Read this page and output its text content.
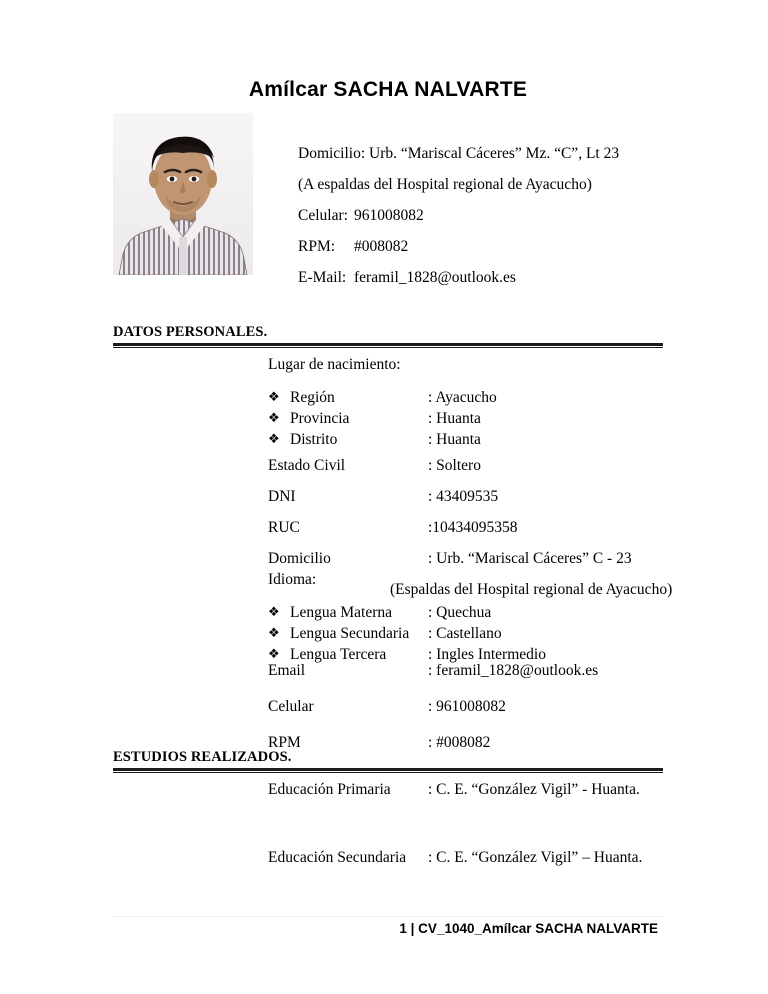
Amílcar SACHA NALVARTE
Domicilio: Urb. “Mariscal Cáceres” Mz. “C”, Lt 23
(A espaldas del Hospital regional de Ayacucho)
Celular: 961008082
RPM: #008082
E-Mail: feramil_1828@outlook.es
DATOS PERSONALES.
Lugar de nacimiento:
❖ Región	: Ayacucho
❖ Provincia	: Huanta
❖ Distrito	: Huanta
Estado Civil	: Soltero
DNI	: 43409535
RUC	:10434095358
Domicilio	: Urb. “Mariscal Cáceres” C - 23
(Espaldas del Hospital regional de Ayacucho)
Idioma:
❖ Lengua Materna	: Quechua
❖ Lengua Secundaria	: Castellano
❖ Lengua Tercera	: Ingles Intermedio
Email	: feramil_1828@outlook.es
Celular	: 961008082
RPM	: #008082
ESTUDIOS REALIZADOS.
Educación Primaria	: C. E. “González Vigil” - Huanta.
Educación Secundaria	: C. E. “González Vigil” – Huanta.
1 | CV_1040_Amílcar SACHA NALVARTE
